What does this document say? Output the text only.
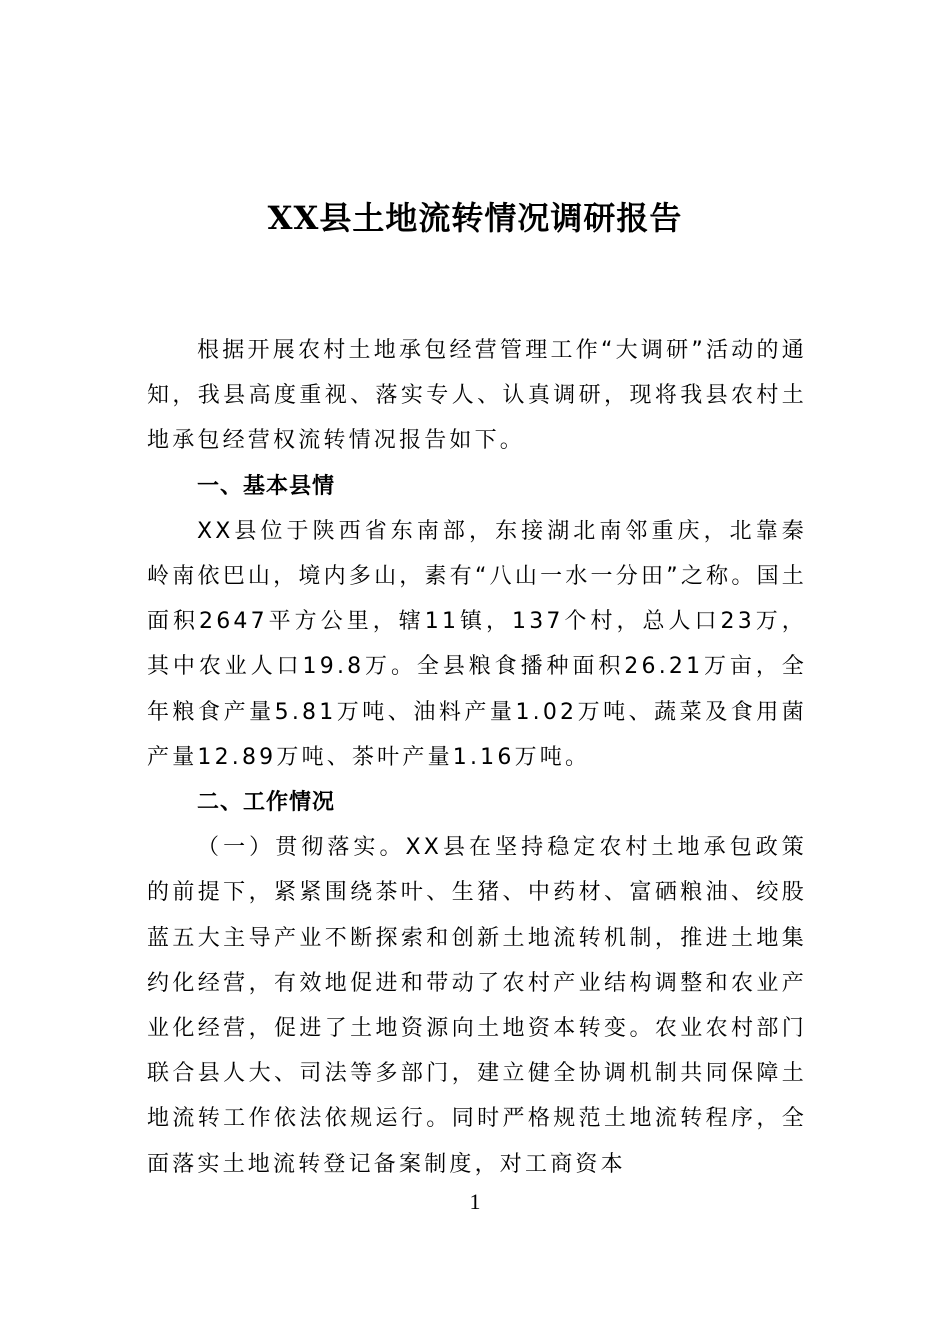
XX县土地流转情况调研报告

根据开展农村土地承包经营管理工作“大调研”活动的通知，我县高度重视、落实专人、认真调研，现将我县农村土地承包经营权流转情况报告如下。

一、基本县情

XX县位于陕西省东南部，东接湖北南邻重庆，北靠秦岭南依巴山，境内多山，素有“八山一水一分田”之称。国土面积2647平方公里，辖11镇，137个村，总人口23万，其中农业人口19.8万。全县粮食播种面积26.21万亩，全年粮食产量5.81万吨、油料产量1.02万吨、蔬菜及食用菌产量12.89万吨、茶叶产量1.16万吨。

二、工作情况

（一）贯彻落实。XX县在坚持稳定农村土地承包政策的前提下，紧紧围绕茶叶、生猪、中药材、富硒粮油、绞股蓝五大主导产业不断探索和创新土地流转机制，推进土地集约化经营，有效地促进和带动了农村产业结构调整和农业产业化经营，促进了土地资源向土地资本转变。农业农村部门联合县人大、司法等多部门，建立健全协调机制共同保障土地流转工作依法依规运行。同时严格规范土地流转程序，全面落实土地流转登记备案制度，对工商资本

1
